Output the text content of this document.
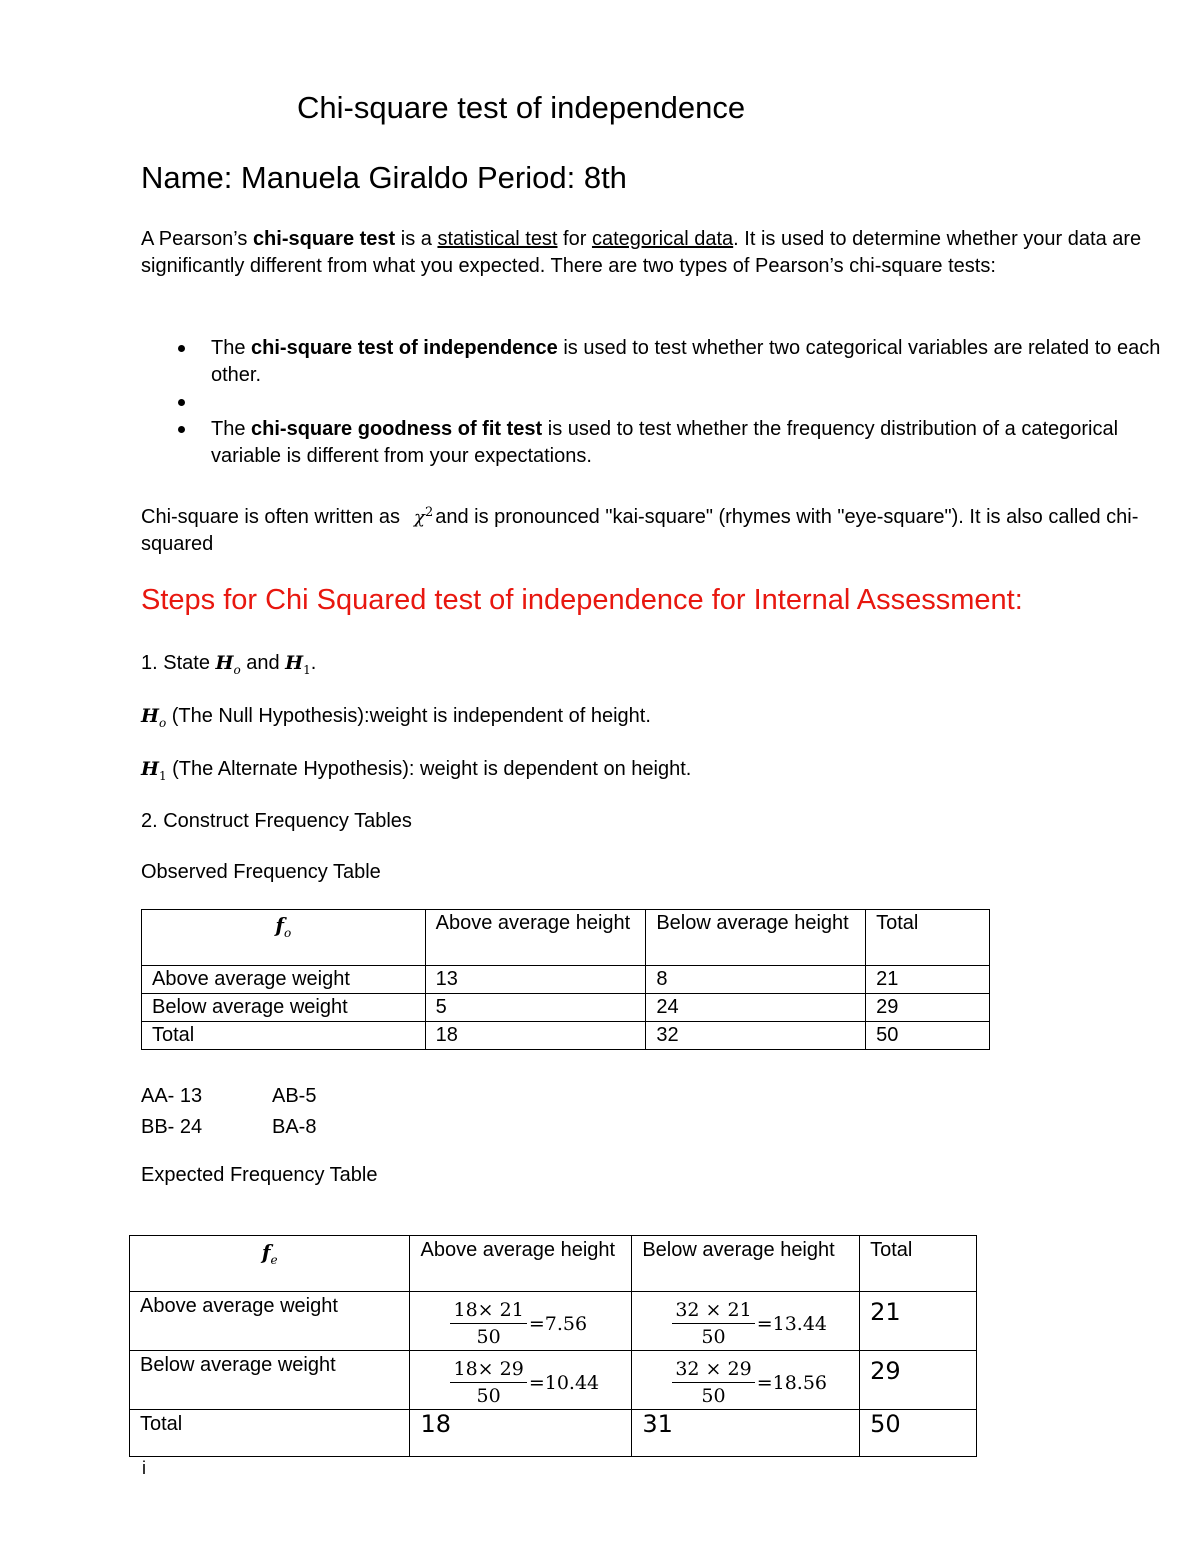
Chi-square test of independence
Name: Manuela Giraldo Period: 8th
A Pearson’s chi-square test is a statistical test for categorical data. It is used to determine whether your data are significantly different from what you expected. There are two types of Pearson’s chi-square tests:
The chi-square test of independence is used to test whether two categorical variables are related to each other.
The chi-square goodness of fit test is used to test whether the frequency distribution of a categorical variable is different from your expectations.
Chi-square is often written as $\chi^2$ and is pronounced "kai-square" (rhymes with "eye-square"). It is also called chi-squared
Steps for Chi Squared test of independence for Internal Assessment:
1. State $H_o$ and $H_1$.
$H_o$ (The Null Hypothesis):weight is independent of height.
$H_1$ (The Alternate Hypothesis): weight is dependent on height.
2. Construct Frequency Tables
Observed Frequency Table
$f_o$	Above average height	Below average height	Total
Above average weight	13	8	21
Below average weight	5	24	29
Total	18	32	50
AA- 13	AB-5
BB- 24	BA-8
Expected Frequency Table
$f_e$	Above average height	Below average height	Total
Above average weight	$\frac{18\times 21}{50} =7.56$	$\frac{32 \times 21}{50} =13.44$	21

Below average weight	$\frac{18\times 29}{50} =10.44$	$\frac{32 \times 29}{50} =18.56$	29

Total	18	31	50
i
